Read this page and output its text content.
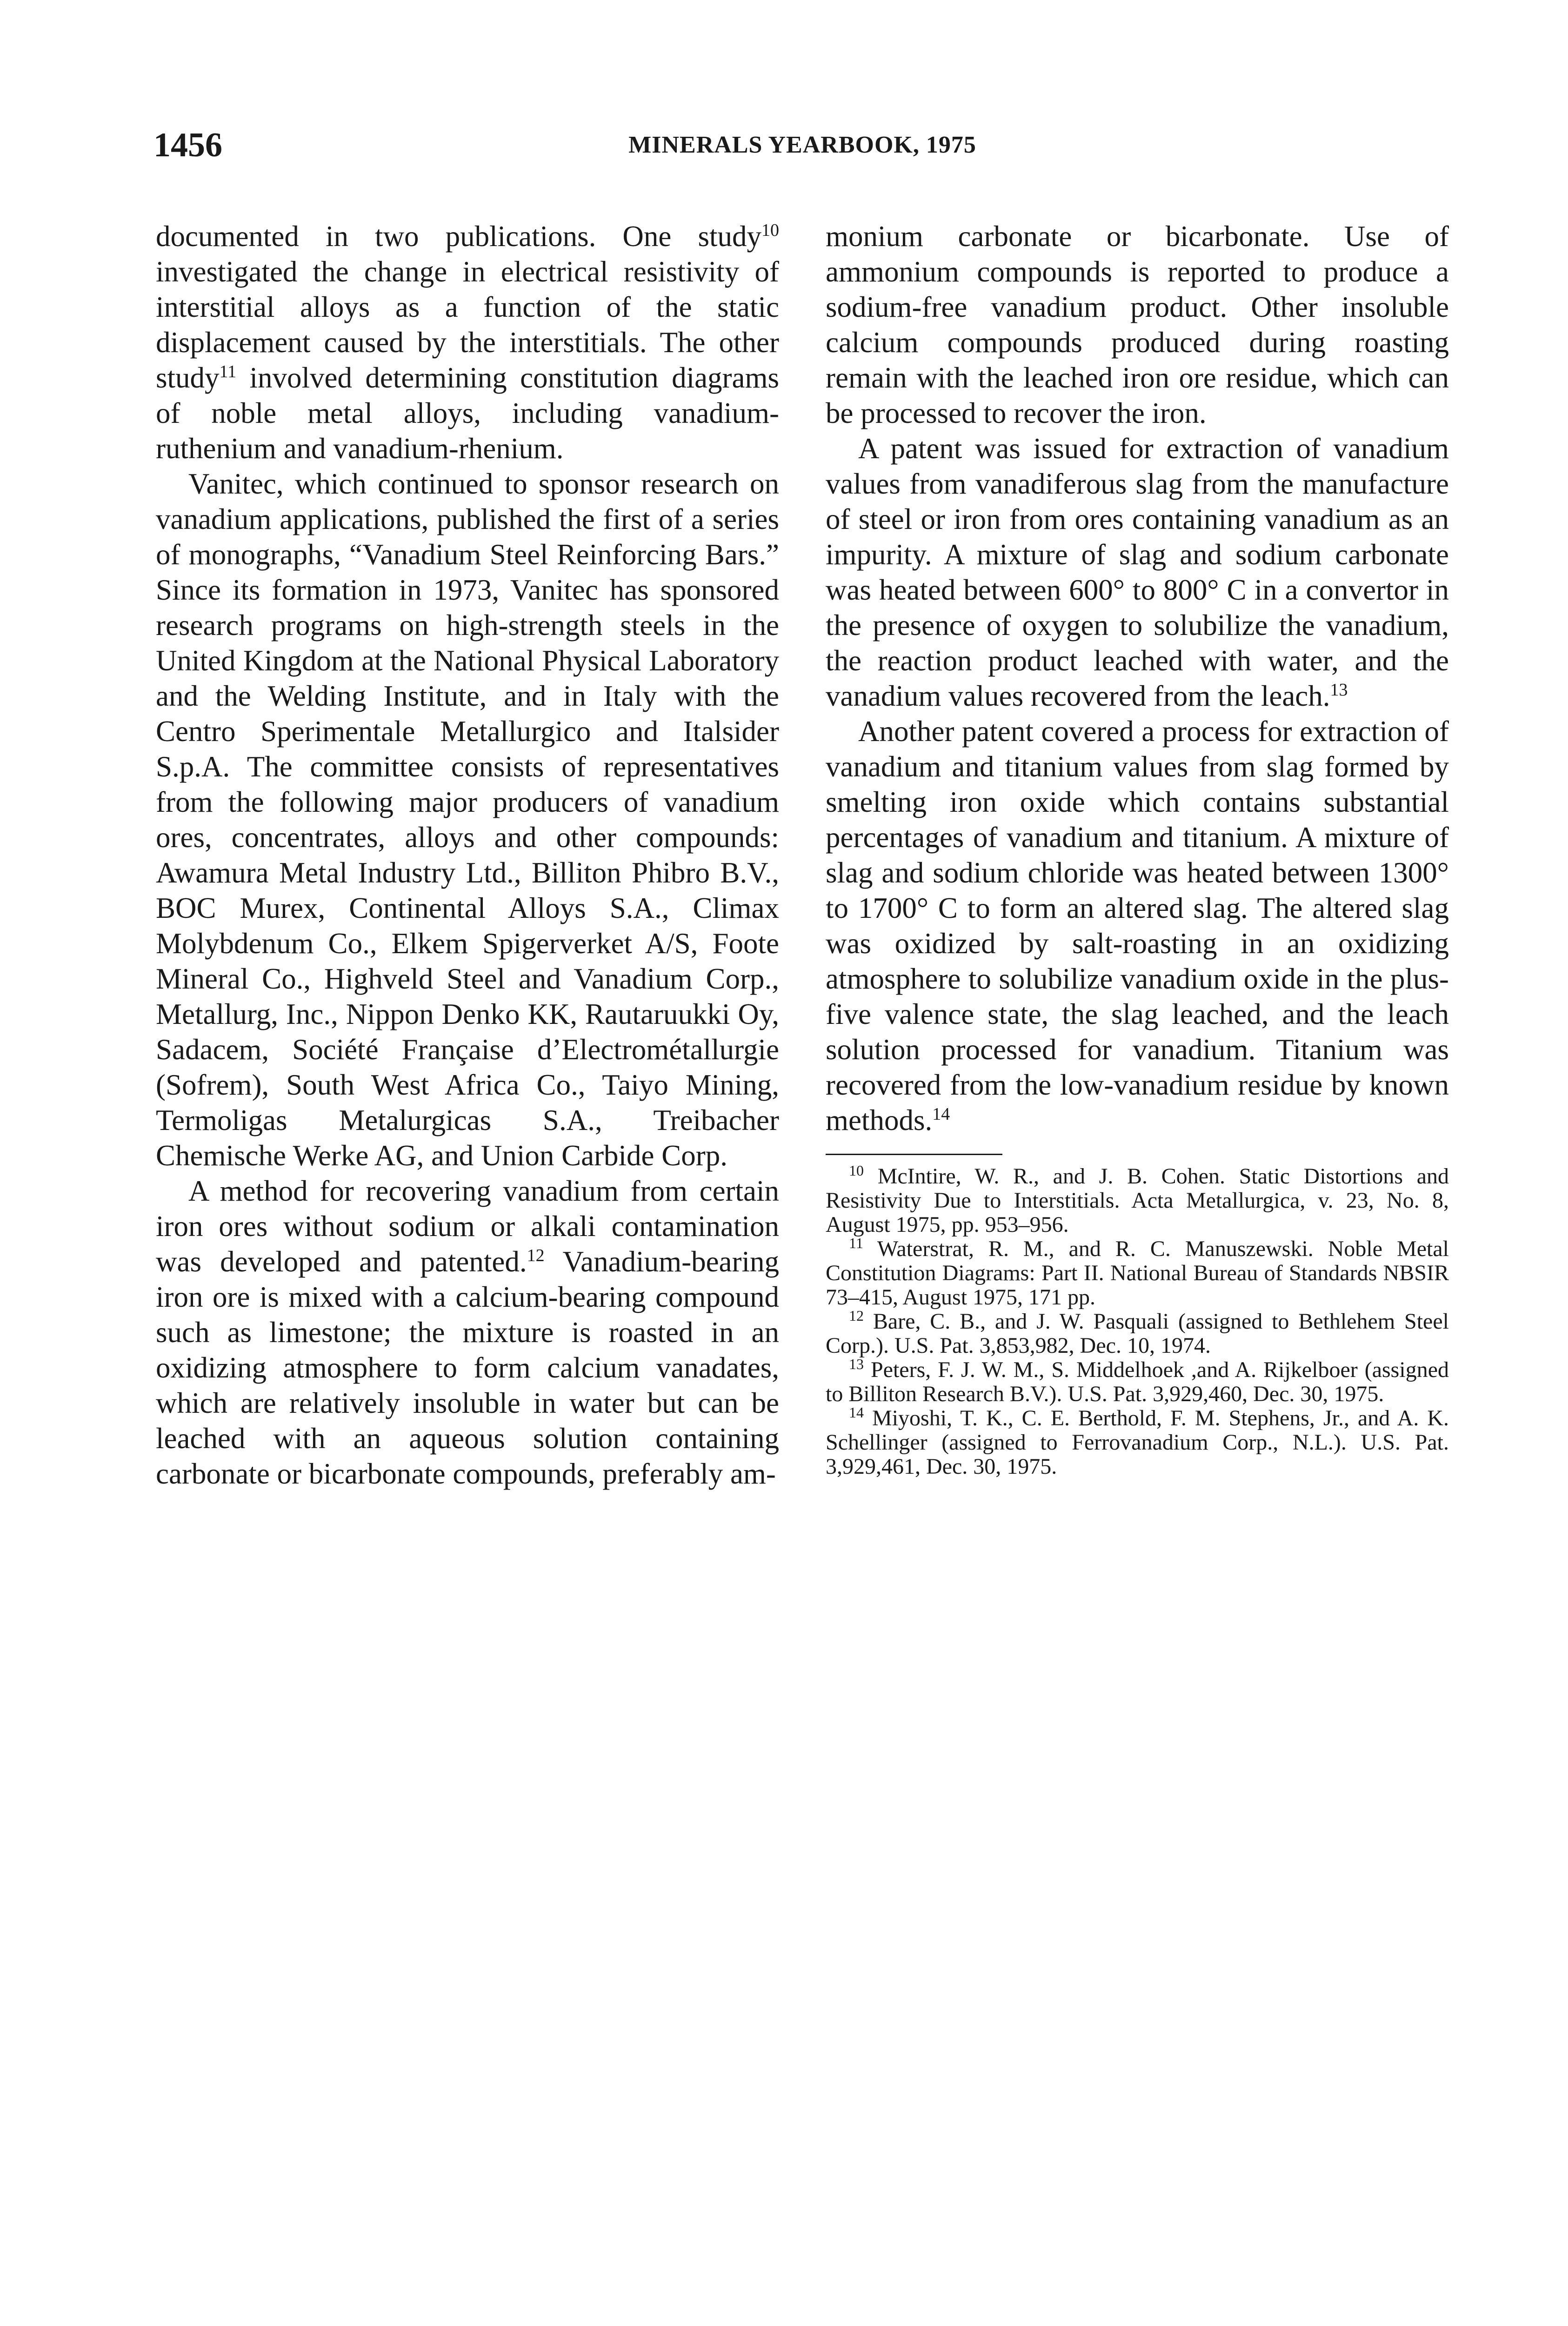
1456	MINERALS YEARBOOK, 1975

documented in two publications. One study$^{10}$ investigated the change in electrical resistivity of interstitial alloys as a function of the static displacement caused by the interstitials. The other study$^{11}$ involved determining constitution diagrams of noble metal alloys, including vanadium-ruthenium and vanadium-rhenium.

Vanitec, which continued to sponsor research on vanadium applications, published the first of a series of monographs, “Vanadium Steel Reinforcing Bars.” Since its formation in 1973, Vanitec has sponsored research programs on high-strength steels in the United Kingdom at the National Physical Laboratory and the Welding Institute, and in Italy with the Centro Sperimentale Metallurgico and Italsider S.p.A. The committee consists of representatives from the following major producers of vanadium ores, concentrates, alloys and other compounds: Awamura Metal Industry Ltd., Billiton Phibro B.V., BOC Murex, Continental Alloys S.A., Climax Molybdenum Co., Elkem Spigerverket A/S, Foote Mineral Co., Highveld Steel and Vanadium Corp., Metallurg, Inc., Nippon Denko KK, Rautaruukki Oy, Sadacem, Société Française d’Electrométallurgie (Sofrem), South West Africa Co., Taiyo Mining, Termoligas Metalurgicas S.A., Treibacher Chemische Werke AG, and Union Carbide Corp.

A method for recovering vanadium from certain iron ores without sodium or alkali contamination was developed and patented.$^{12}$ Vanadium-bearing iron ore is mixed with a calcium-bearing compound such as limestone; the mixture is roasted in an oxidizing atmosphere to form calcium vanadates, which are relatively insoluble in water but can be leached with an aqueous solution containing carbonate or bicarbonate compounds, preferably am-

monium carbonate or bicarbonate. Use of ammonium compounds is reported to produce a sodium-free vanadium product. Other insoluble calcium compounds produced during roasting remain with the leached iron ore residue, which can be processed to recover the iron.

A patent was issued for extraction of vanadium values from vanadiferous slag from the manufacture of steel or iron from ores containing vanadium as an impurity. A mixture of slag and sodium carbonate was heated between 600° to 800° C in a convertor in the presence of oxygen to solubilize the vanadium, the reaction product leached with water, and the vanadium values recovered from the leach.$^{13}$

Another patent covered a process for extraction of vanadium and titanium values from slag formed by smelting iron oxide which contains substantial percentages of vanadium and titanium. A mixture of slag and sodium chloride was heated between 1300° to 1700° C to form an altered slag. The altered slag was oxidized by salt-roasting in an oxidizing atmosphere to solubilize vanadium oxide in the plus-five valence state, the slag leached, and the leach solution processed for vanadium. Titanium was recovered from the low-vanadium residue by known methods.$^{14}$

$^{10}$ McIntire, W. R., and J. B. Cohen. Static Distortions and Resistivity Due to Interstitials. Acta Metallurgica, v. 23, No. 8, August 1975, pp. 953–956.

$^{11}$ Waterstrat, R. M., and R. C. Manuszewski. Noble Metal Constitution Diagrams: Part II. National Bureau of Standards NBSIR 73–415, August 1975, 171 pp.

$^{12}$ Bare, C. B., and J. W. Pasquali (assigned to Bethlehem Steel Corp.). U.S. Pat. 3,853,982, Dec. 10, 1974.

$^{13}$ Peters, F. J. W. M., S. Middelhoek ,and A. Rijkelboer (assigned to Billiton Research B.V.). U.S. Pat. 3,929,460, Dec. 30, 1975.

$^{14}$ Miyoshi, T. K., C. E. Berthold, F. M. Stephens, Jr., and A. K. Schellinger (assigned to Ferrovanadium Corp., N.L.). U.S. Pat. 3,929,461, Dec. 30, 1975.
